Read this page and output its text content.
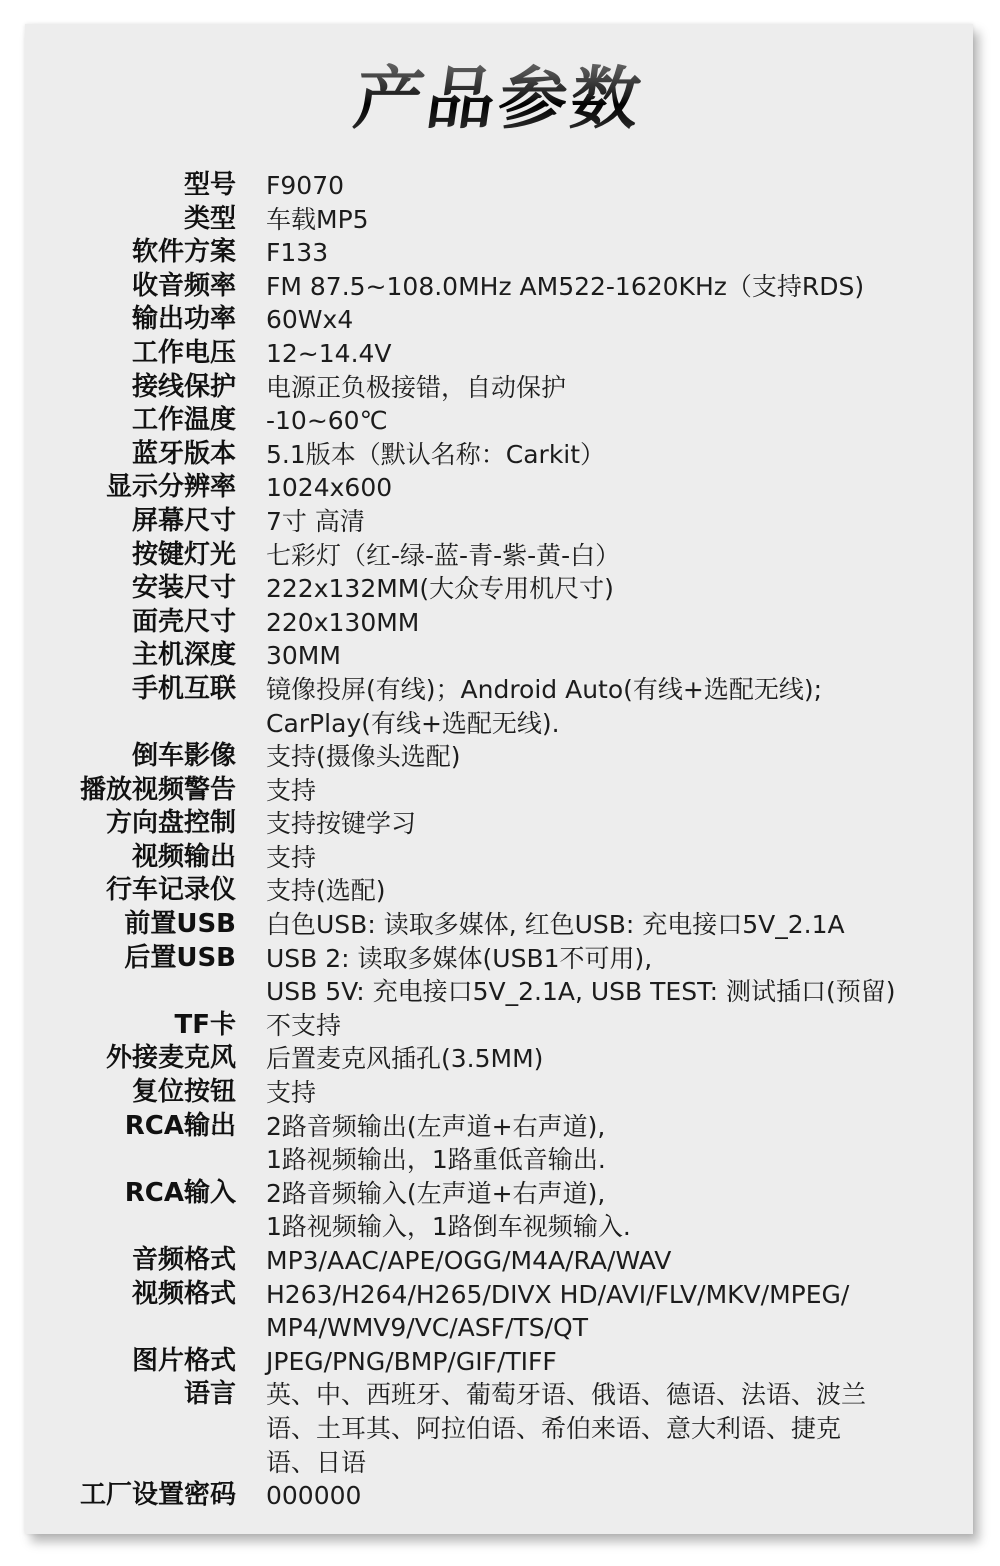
产品参数
型号 F9070
类型 车载MP5
软件方案 F133
收音频率 FM 87.5~108.0MHz AM522-1620KHz（支持RDS)
输出功率 60Wx4
工作电压 12~14.4V
接线保护 电源正负极接错，自动保护
工作温度 -10~60℃
蓝牙版本 5.1版本（默认名称：Carkit）
显示分辨率 1024x600
屏幕尺寸 7寸 高清
按键灯光 七彩灯（红-绿-蓝-青-紫-黄-白）
安装尺寸 222x132MM(大众专用机尺寸)
面壳尺寸 220x130MM
主机深度 30MM
手机互联 镜像投屏(有线)；Android Auto(有线+选配无线);
CarPlay(有线+选配无线).
倒车影像 支持(摄像头选配)
播放视频警告 支持
方向盘控制 支持按键学习
视频输出 支持
行车记录仪 支持(选配)
前置USB 白色USB: 读取多媒体, 红色USB: 充电接口5V_2.1A
后置USB USB 2: 读取多媒体(USB1不可用),
USB 5V: 充电接口5V_2.1A, USB TEST: 测试插口(预留)
TF卡 不支持
外接麦克风 后置麦克风插孔(3.5MM)
复位按钮 支持
RCA输出 2路音频输出(左声道+右声道),
1路视频输出，1路重低音输出.
RCA输入 2路音频输入(左声道+右声道),
1路视频输入，1路倒车视频输入.
音频格式 MP3/AAC/APE/OGG/M4A/RA/WAV
视频格式 H263/H264/H265/DIVX HD/AVI/FLV/MKV/MPEG/
MP4/WMV9/VC/ASF/TS/QT
图片格式 JPEG/PNG/BMP/GIF/TIFF
语言 英、中、西班牙、葡萄牙语、俄语、德语、法语、波兰
语、土耳其、阿拉伯语、希伯来语、意大利语、捷克
语、日语
工厂设置密码 000000
